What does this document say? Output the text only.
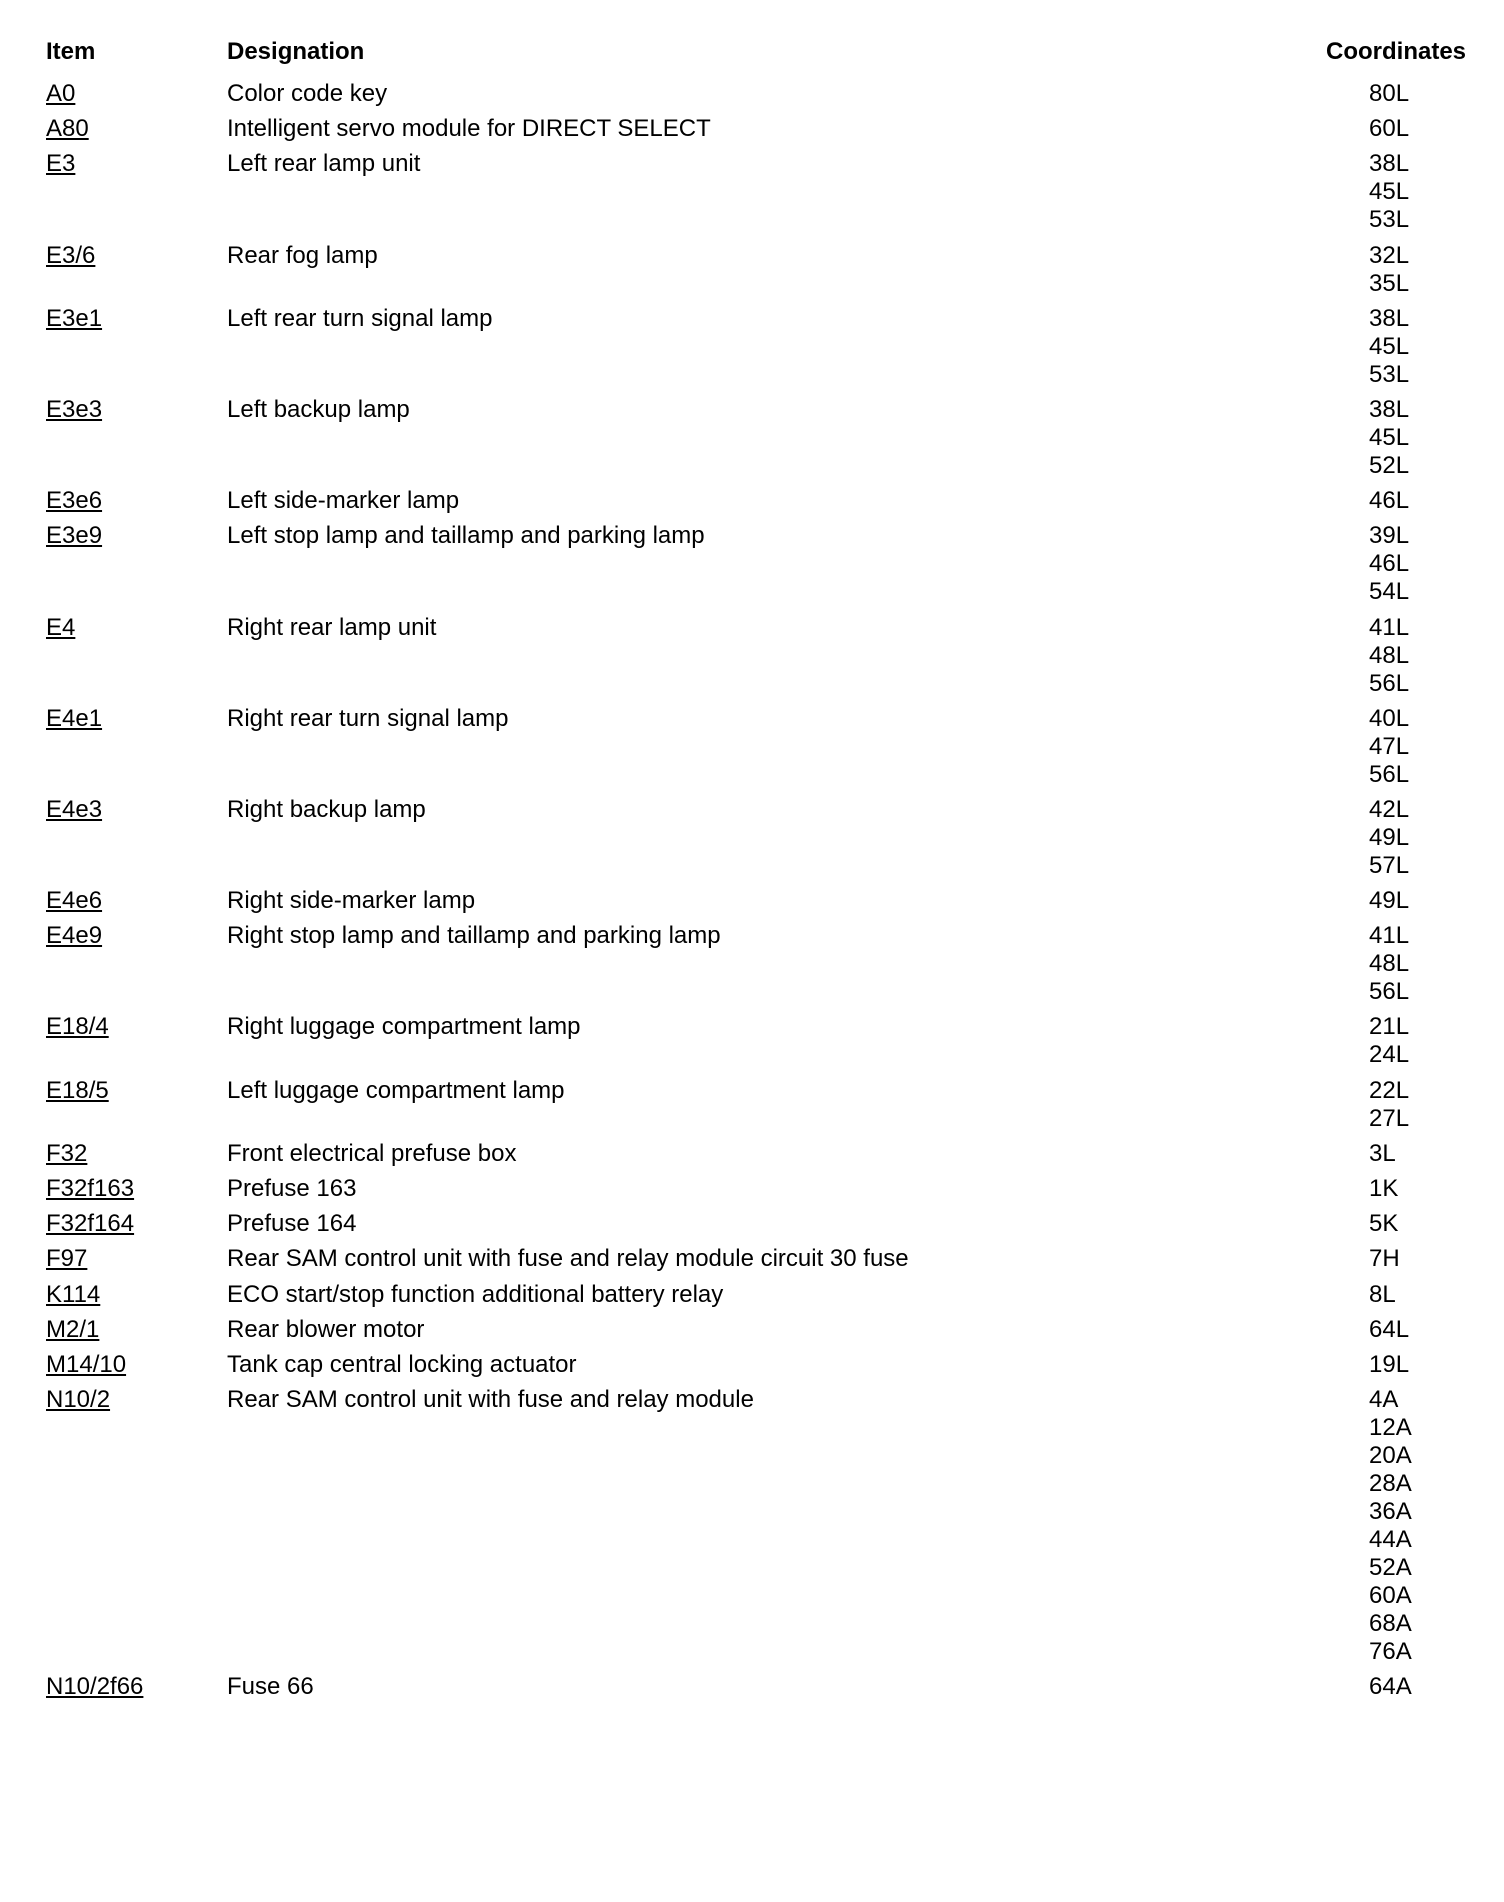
Item	Designation	Coordinates
A0	Color code key	80L
A80	Intelligent servo module for DIRECT SELECT	60L
E3	Left rear lamp unit	38L
45L
53L
E3/6	Rear fog lamp	32L
35L
E3e1	Left rear turn signal lamp	38L
45L
53L
E3e3	Left backup lamp	38L
45L
52L
E3e6	Left side-marker lamp	46L
E3e9	Left stop lamp and taillamp and parking lamp	39L
46L
54L
E4	Right rear lamp unit	41L
48L
56L
E4e1	Right rear turn signal lamp	40L
47L
56L
E4e3	Right backup lamp	42L
49L
57L
E4e6	Right side-marker lamp	49L
E4e9	Right stop lamp and taillamp and parking lamp	41L
48L
56L
E18/4	Right luggage compartment lamp	21L
24L
E18/5	Left luggage compartment lamp	22L
27L
F32	Front electrical prefuse box	3L
F32f163	Prefuse 163	1K
F32f164	Prefuse 164	5K
F97	Rear SAM control unit with fuse and relay module circuit 30 fuse	7H
K114	ECO start/stop function additional battery relay	8L
M2/1	Rear blower motor	64L
M14/10	Tank cap central locking actuator	19L
N10/2	Rear SAM control unit with fuse and relay module	4A
12A
20A
28A
36A
44A
52A
60A
68A
76A
N10/2f66	Fuse 66	64A
